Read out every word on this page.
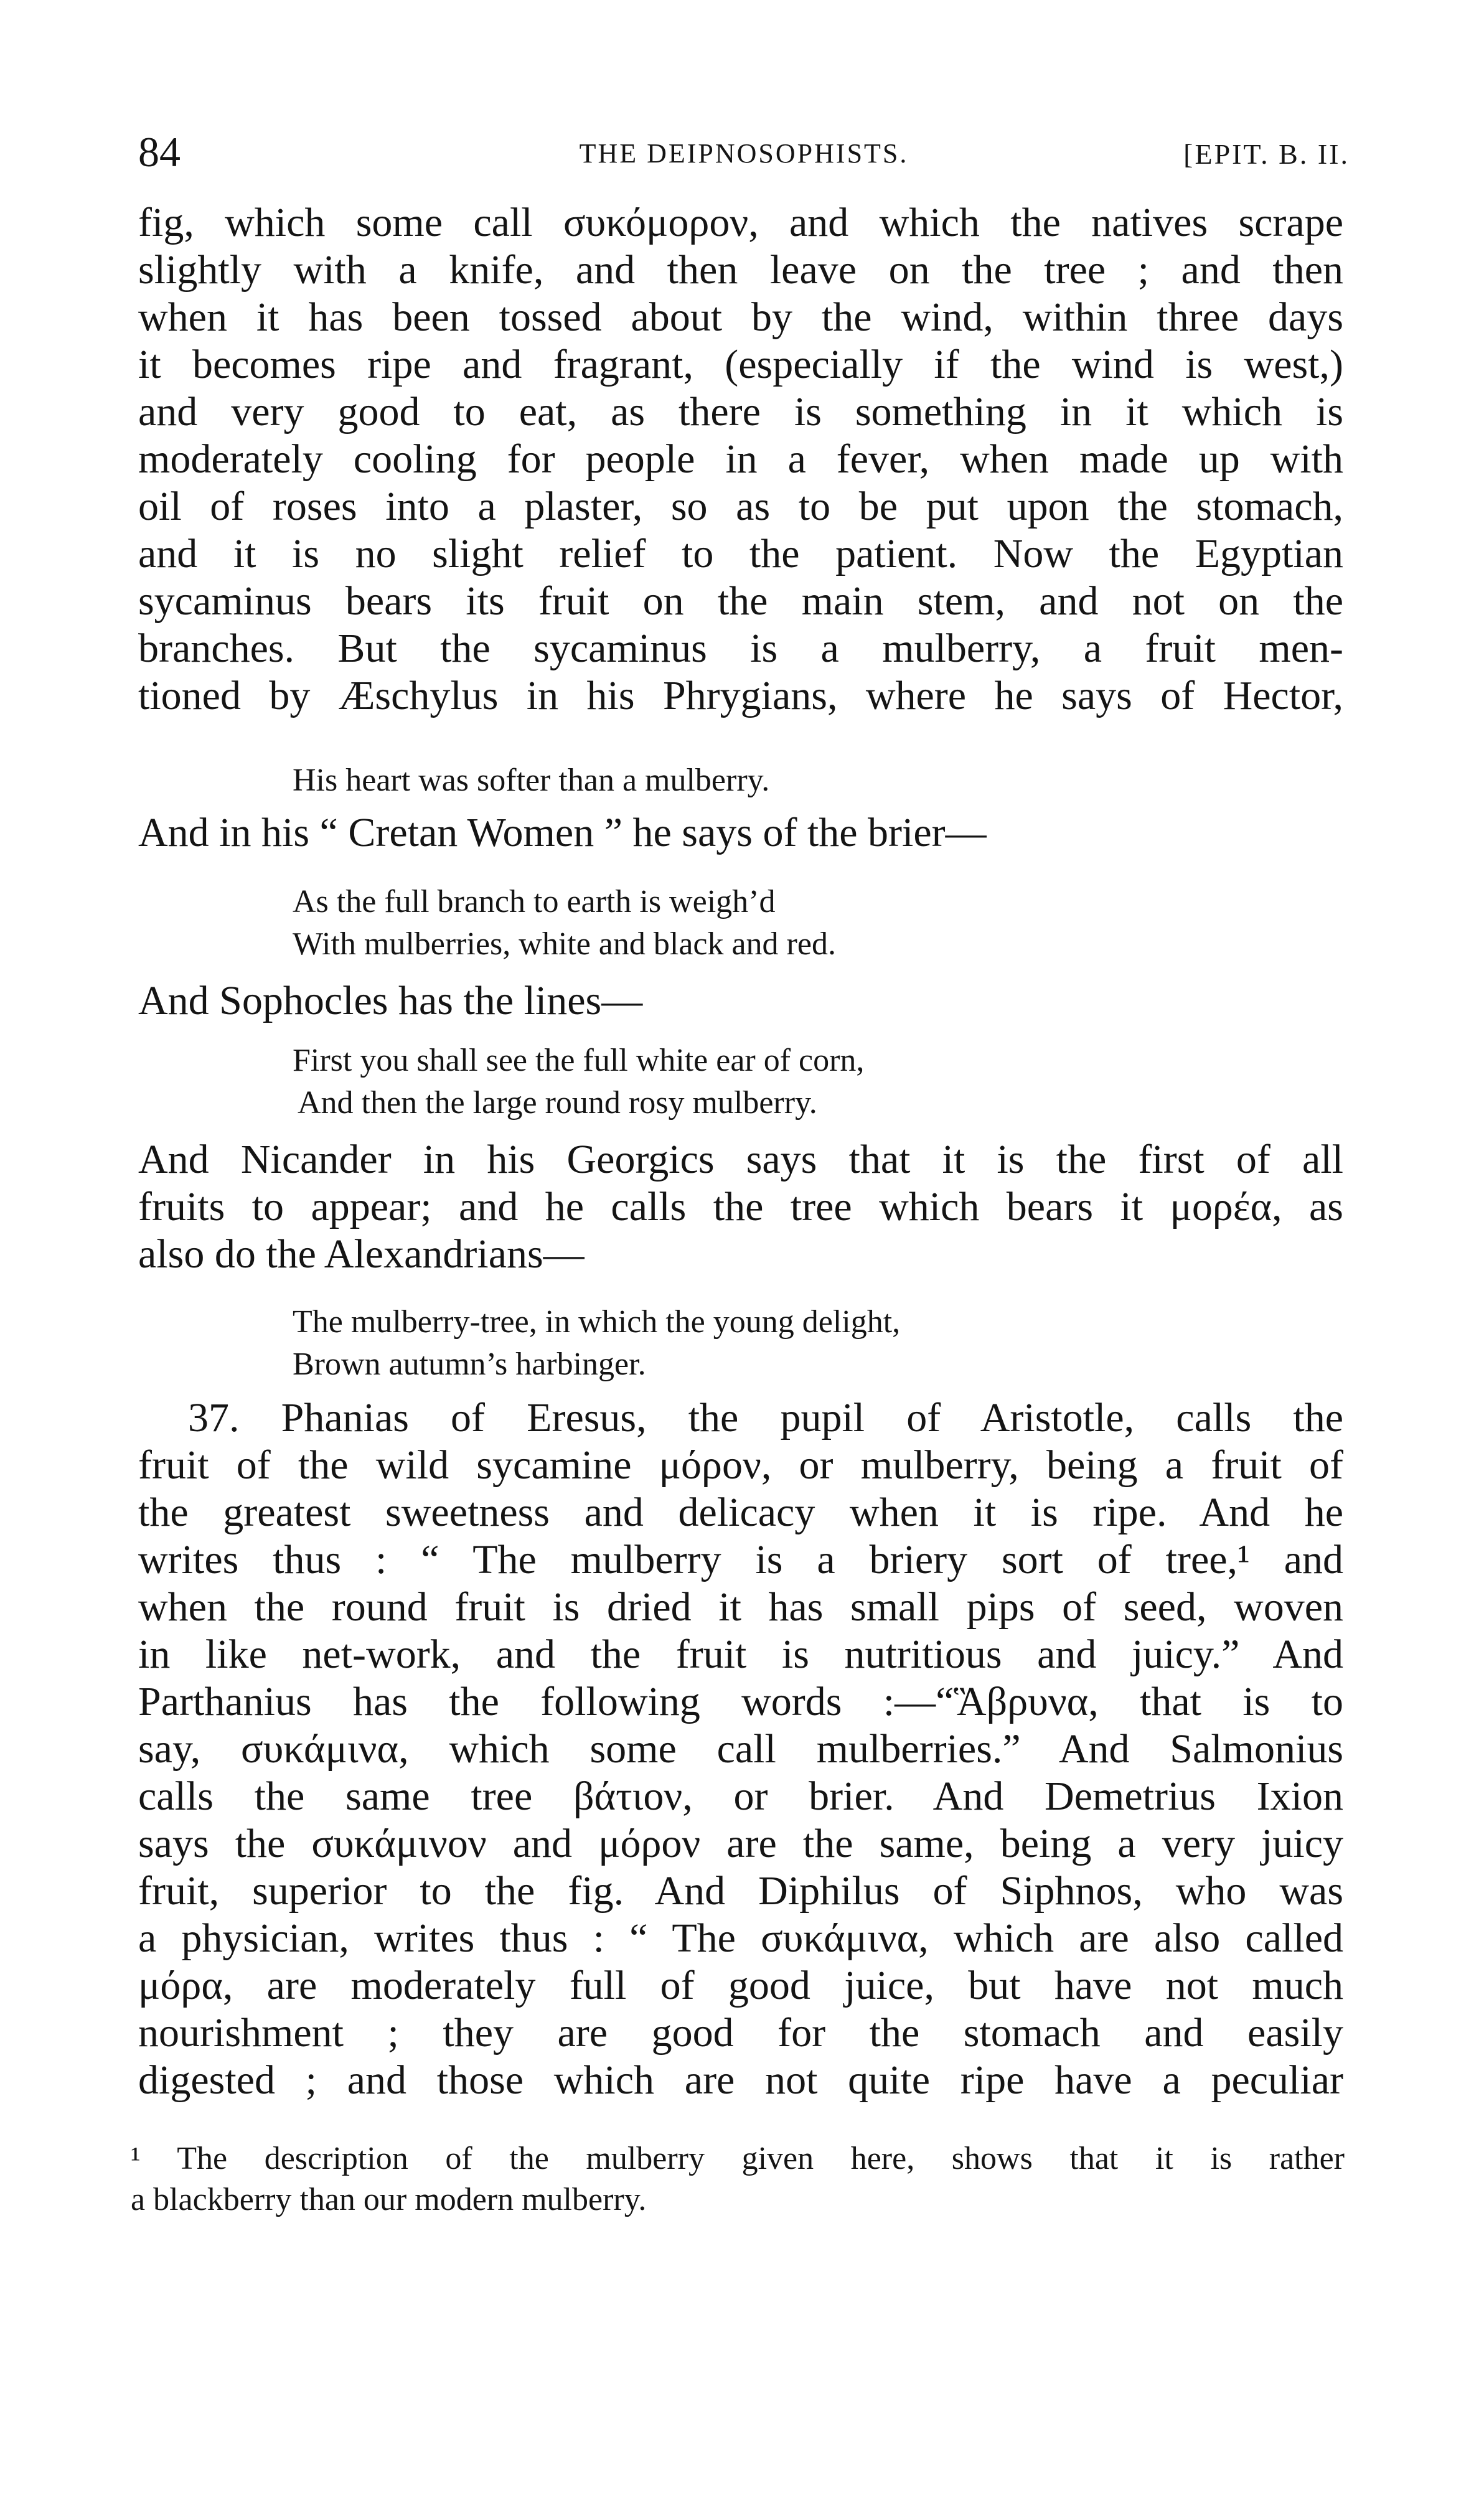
84	THE DEIPNOSOPHISTS.	[EPIT. B. II.
fig, which some call συκόμορον, and which the natives scrape
slightly with a knife, and then leave on the tree ; and then
when it has been tossed about by the wind, within three days
it becomes ripe and fragrant, (especially if the wind is west,)
and very good to eat, as there is something in it which is
moderately cooling for people in a fever, when made up with
oil of roses into a plaster, so as to be put upon the stomach,
and it is no slight relief to the patient. Now the Egyptian
sycaminus bears its fruit on the main stem, and not on the
branches. But the sycaminus is a mulberry, a fruit men-
tioned by Æschylus in his Phrygians, where he says of Hector,
His heart was softer than a mulberry.
And in his “ Cretan Women ” he says of the brier—
As the full branch to earth is weigh’d
With mulberries, white and black and red.
And Sophocles has the lines—
First you shall see the full white ear of corn,
And then the large round rosy mulberry.
And Nicander in his Georgics says that it is the first of all
fruits to appear; and he calls the tree which bears it μορέα, as
also do the Alexandrians—
The mulberry-tree, in which the young delight,
Brown autumn’s harbinger.
37. Phanias of Eresus, the pupil of Aristotle, calls the
fruit of the wild sycamine μόρον, or mulberry, being a fruit of
the greatest sweetness and delicacy when it is ripe. And he
writes thus : “ The mulberry is a briery sort of tree,¹ and
when the round fruit is dried it has small pips of seed, woven
in like net-work, and the fruit is nutritious and juicy.” And
Parthanius has the following words :—“Ἃβρυνα, that is to
say, συκάμινα, which some call mulberries.” And Salmonius
calls the same tree βάτιον, or brier. And Demetrius Ixion
says the συκάμινον and μόρον are the same, being a very juicy
fruit, superior to the fig. And Diphilus of Siphnos, who was
a physician, writes thus : “ The συκάμινα, which are also called
μόρα, are moderately full of good juice, but have not much
nourishment ; they are good for the stomach and easily
digested ; and those which are not quite ripe have a peculiar
¹ The description of the mulberry given here, shows that it is rather
a blackberry than our modern mulberry.
